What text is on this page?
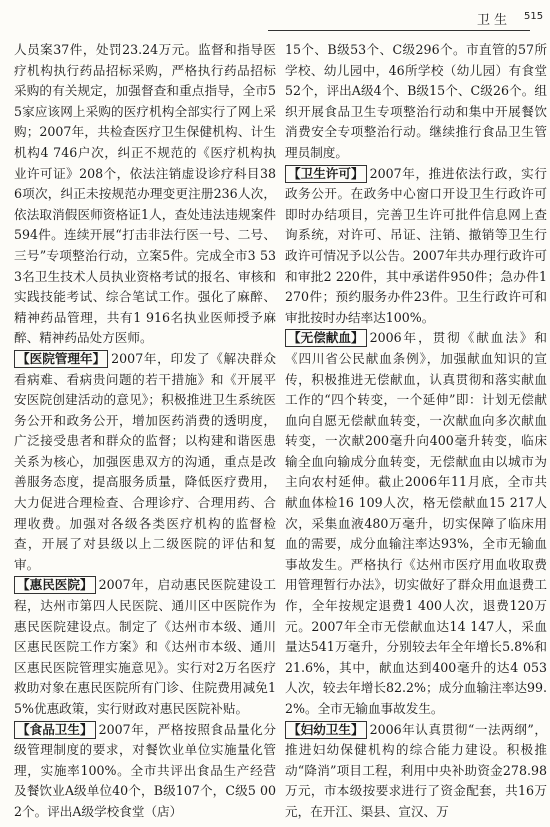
卫生 515

人员案37件，处罚23.24万元。监督和指导医疗机构执行药品招标采购，严格执行药品招标采购的有关规定，加强督查和重点指导，全市55家应该网上采购的医疗机构全部实行了网上采购；2007年，共检查医疗卫生保健机构、计生机构4 746户次，纠正不规范的《医疗机构执业许可证》208个，依法注销虚设诊疗科目386项次，纠正未按规范办理变更注册236人次，依法取消假医师资格证1人，查处违法违规案件594件。连续开展“打击非法行医一号、二号、三号”专项整治行动，立案5件。完成全市3 533名卫生技术人员执业资格考试的报名、审核和实践技能考试、综合笔试工作。强化了麻醉、精神药品管理，共有1 916名执业医师授予麻醉、精神药品处方医师。

【医院管理年】 2007年，印发了《解决群众看病难、看病贵问题的若干措施》和《开展平安医院创建活动的意见》；积极推进卫生系统医务公开和政务公开，增加医药消费的透明度，广泛接受患者和群众的监督；以构建和谐医患关系为核心，加强医患双方的沟通，重点是改善服务态度，提高服务质量，降低医疗费用，大力促进合理检查、合理诊疗、合理用药、合理收费。加强对各级各类医疗机构的监督检查，开展了对县级以上二级医院的评估和复审。

【惠民医院】 2007年，启动惠民医院建设工程，达州市第四人民医院、通川区中医院作为惠民医院建设点。制定了《达州市本级、通川区惠民医院工作方案》和《达州市本级、通川区惠民医院管理实施意见》。实行对2万名医疗救助对象在惠民医院所有门诊、住院费用减免15%优惠政策，实行财政对惠民医院补贴。

【食品卫生】 2007年，严格按照食品量化分级管理制度的要求，对餐饮业单位实施量化管理，实施率100%。全市共评出食品生产经营及餐饮业A级单位40个，B级107个，C级5 002个。评出A级学校食堂（店）

15个、B级53个、C级296个。市直管的57所学校、幼儿园中，46所学校（幼儿园）有食堂52个，评出A级4个、B级15个、C级26个。组织开展食品卫生专项整治行动和集中开展餐饮消费安全专项整治行动。继续推行食品卫生管理员制度。

【卫生许可】 2007年，推进依法行政，实行政务公开。在政务中心窗口开设卫生行政许可即时办结项目，完善卫生许可批件信息网上查询系统，对许可、吊证、注销、撤销等卫生行政许可情况予以公告。2007年共办理行政许可和审批2 220件，其中承诺件950件；急办件1 270件；预约服务办件23件。卫生行政许可和审批按时办结率达100%。

【无偿献血】 2006年，贯彻《献血法》和《四川省公民献血条例》，加强献血知识的宣传，积极推进无偿献血，认真贯彻和落实献血工作的“四个转变，一个延伸”即：计划无偿献血向自愿无偿献血转变，一次献血向多次献血转变，一次献200毫升向400毫升转变，临床输全血向输成分血转变，无偿献血由以城市为主向农村延伸。截止2006年11月底，全市共献血体检16 109人次，格无偿献血15 217人次，采集血液480万毫升，切实保障了临床用血的需要，成分血输注率达93%，全市无输血事故发生。严格执行《达州市医疗用血收取费用管理暂行办法》，切实做好了群众用血退费工作，全年按规定退费1 400人次，退费120万元。2007年全市无偿献血达14 147人，采血量达541万毫升，分别较去年全年增长5.8%和21.6%，其中，献血达到400毫升的达4 053人次，较去年增长82.2%；成分血输注率达99.2%。全市无输血事故发生。

【妇幼卫生】 2006年认真贯彻“一法两纲”，推进妇幼保健机构的综合能力建设。积极推动“降消”项目工程，利用中央补助资金278.98万元，市本级按要求进行了资金配套，共16万元，在开江、渠县、宣汉、万
